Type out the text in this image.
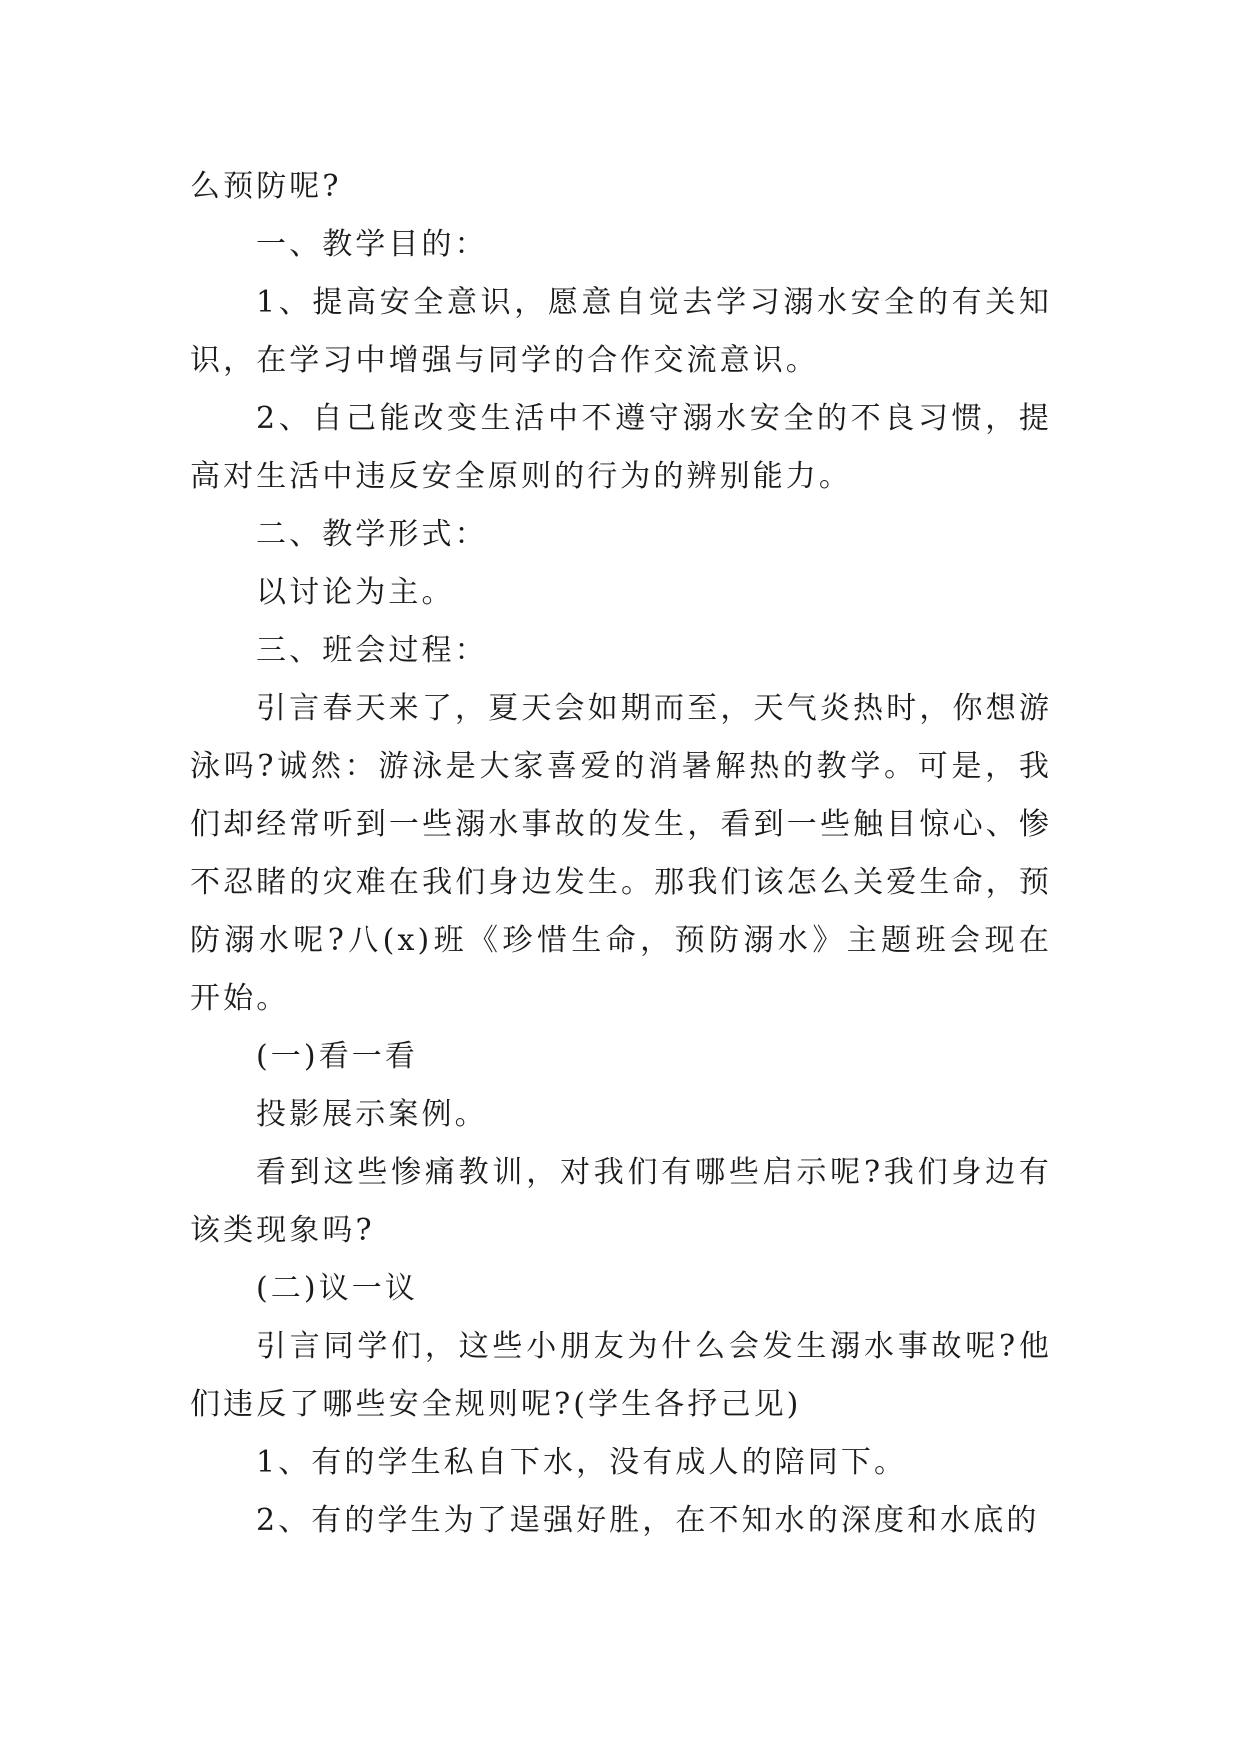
么预防呢?

一、教学目的：

1、提高安全意识，愿意自觉去学习溺水安全的有关知识，在学习中增强与同学的合作交流意识。

2、自己能改变生活中不遵守溺水安全的不良习惯，提高对生活中违反安全原则的行为的辨别能力。

二、教学形式：

以讨论为主。

三、班会过程：

引言春天来了，夏天会如期而至，天气炎热时，你想游泳吗?诚然：游泳是大家喜爱的消暑解热的教学。可是，我们却经常听到一些溺水事故的发生，看到一些触目惊心、惨不忍睹的灾难在我们身边发生。那我们该怎么关爱生命，预防溺水呢?八(x)班《珍惜生命，预防溺水》主题班会现在开始。

(一)看一看

投影展示案例。

看到这些惨痛教训，对我们有哪些启示呢?我们身边有该类现象吗?

(二)议一议

引言同学们，这些小朋友为什么会发生溺水事故呢?他们违反了哪些安全规则呢?(学生各抒己见)

1、有的学生私自下水，没有成人的陪同下。

2、有的学生为了逞强好胜，在不知水的深度和水底的
